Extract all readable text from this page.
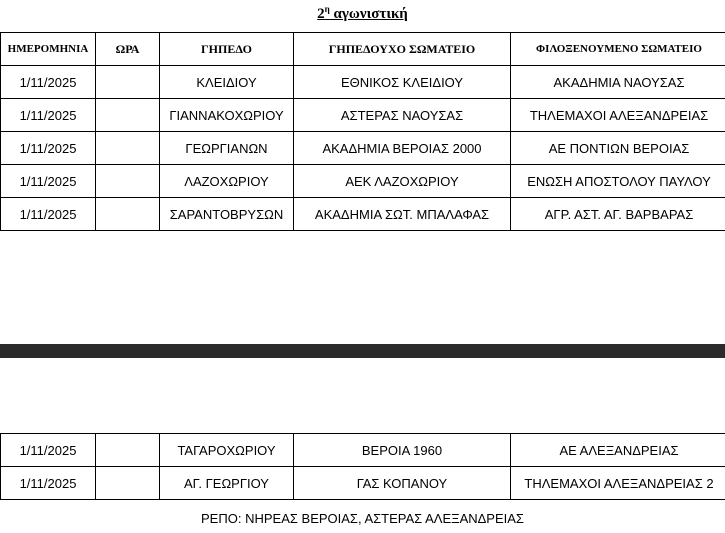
$2^\eta$ αγωνιστική
ΗΜΕΡΟΜΗΝΙΑ	ΩΡΑ	ΓΗΠΕΔΟ	ΓΗΠΕΔΟΥΧΟ ΣΩΜΑΤΕΙΟ	ΦΙΛΟΞΕΝΟΥΜΕΝΟ ΣΩΜΑΤΕΙΟ
1/11/2025		ΚΛΕΙΔΙΟΥ	ΕΘΝΙΚΟΣ ΚΛΕΙΔΙΟΥ	ΑΚΑΔΗΜΙΑ ΝΑΟΥΣΑΣ
1/11/2025		ΓΙΑΝΝΑΚΟΧΩΡΙΟΥ	ΑΣΤΕΡΑΣ ΝΑΟΥΣΑΣ	ΤΗΛΕΜΑΧΟΙ ΑΛΕΞΑΝΔΡΕΙΑΣ
1/11/2025		ΓΕΩΡΓΙΑΝΩΝ	ΑΚΑΔΗΜΙΑ ΒΕΡΟΙΑΣ 2000	ΑΕ ΠΟΝΤΙΩΝ ΒΕΡΟΙΑΣ
1/11/2025		ΛΑΖΟΧΩΡΙΟΥ	ΑΕΚ ΛΑΖΟΧΩΡΙΟΥ	ΕΝΩΣΗ ΑΠΟΣΤΟΛΟΥ ΠΑΥΛΟΥ
1/11/2025		ΣΑΡΑΝΤΟΒΡΥΣΩΝ	ΑΚΑΔΗΜΙΑ ΣΩΤ. ΜΠΑΛΑΦΑΣ	ΑΓΡ. ΑΣΤ. ΑΓ. ΒΑΡΒΑΡΑΣ
1/11/2025		ΤΑΓΑΡΟΧΩΡΙΟΥ	ΒΕΡΟΙΑ 1960	ΑΕ ΑΛΕΞΑΝΔΡΕΙΑΣ
1/11/2025		ΑΓ. ΓΕΩΡΓΙΟΥ	ΓΑΣ ΚΟΠΑΝΟΥ	ΤΗΛΕΜΑΧΟΙ ΑΛΕΞΑΝΔΡΕΙΑΣ 2
ΡΕΠΟ: ΝΗΡΕΑΣ ΒΕΡΟΙΑΣ, ΑΣΤΕΡΑΣ ΑΛΕΞΑΝΔΡΕΙΑΣ
